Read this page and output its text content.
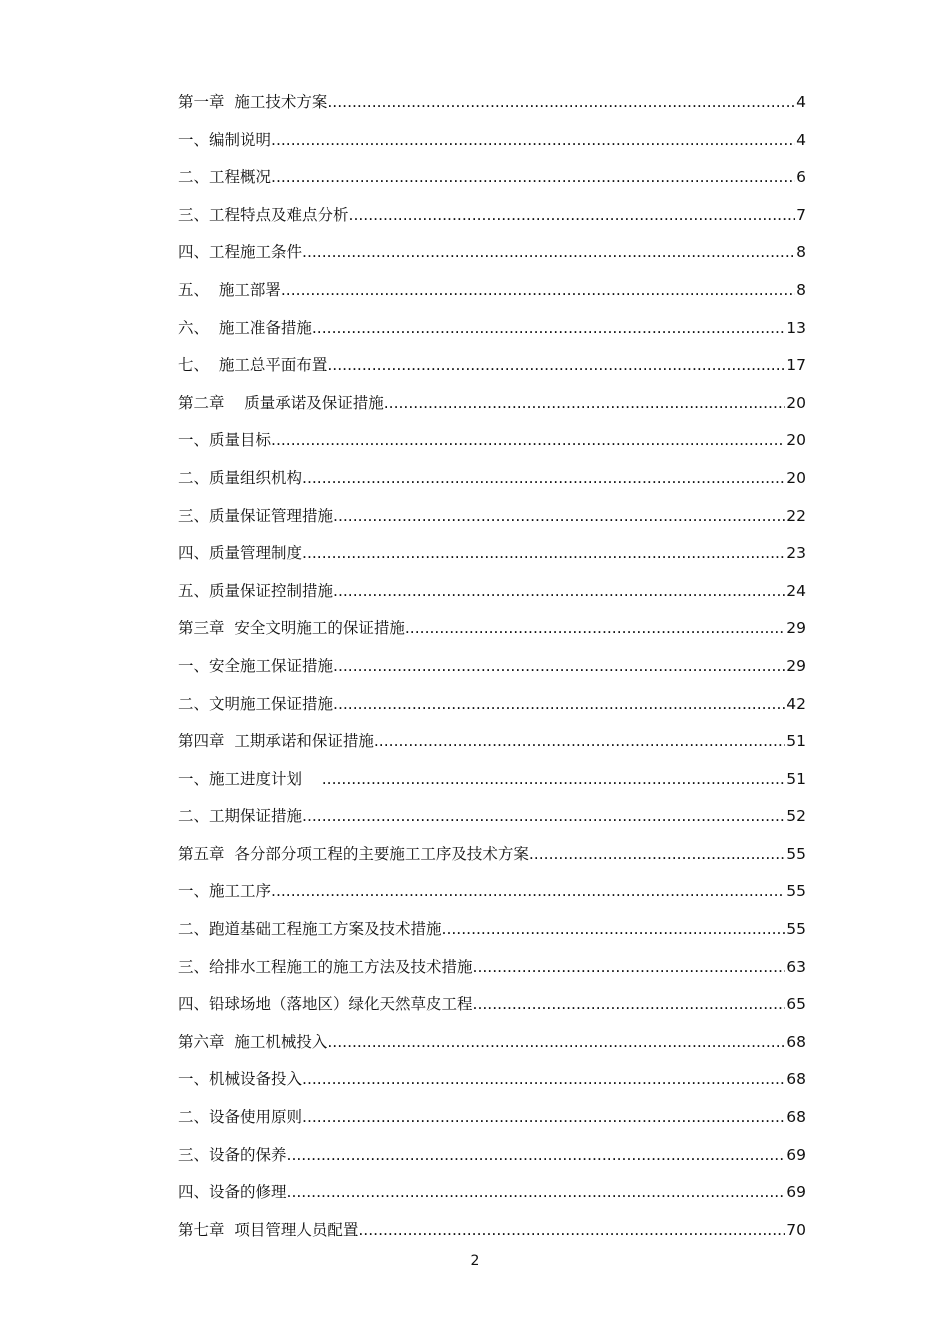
第一章  施工技术方案 .....	4
一、编制说明 .....	4
二、工程概况 .....	6
三、工程特点及难点分析 .....	7
四、工程施工条件 .....	8
五、  施工部署 .....	8
六、  施工准备措施 .....	13
七、  施工总平面布置 .....	17
第二章    质量承诺及保证措施 .....	20
一、质量目标 .....	20
二、质量组织机构 .....	20
三、质量保证管理措施 .....	22
四、质量管理制度 .....	23
五、质量保证控制措施 .....	24
第三章  安全文明施工的保证措施 .....	29
一、安全施工保证措施 .....	29
二、文明施工保证措施 .....	42
第四章  工期承诺和保证措施 .....	51
一、施工进度计划 .....	51
二、工期保证措施 .....	52
第五章  各分部分项工程的主要施工工序及技术方案 .....	55
一、施工工序 .....	55
二、跑道基础工程施工方案及技术措施 .....	55
三、给排水工程施工的施工方法及技术措施 .....	63
四、铅球场地（落地区）绿化天然草皮工程 .....	65
第六章  施工机械投入 .....	68
一、机械设备投入 .....	68
二、设备使用原则 .....	68
三、设备的保养 .....	69
四、设备的修理 .....	69
第七章  项目管理人员配置 .....	70
2
